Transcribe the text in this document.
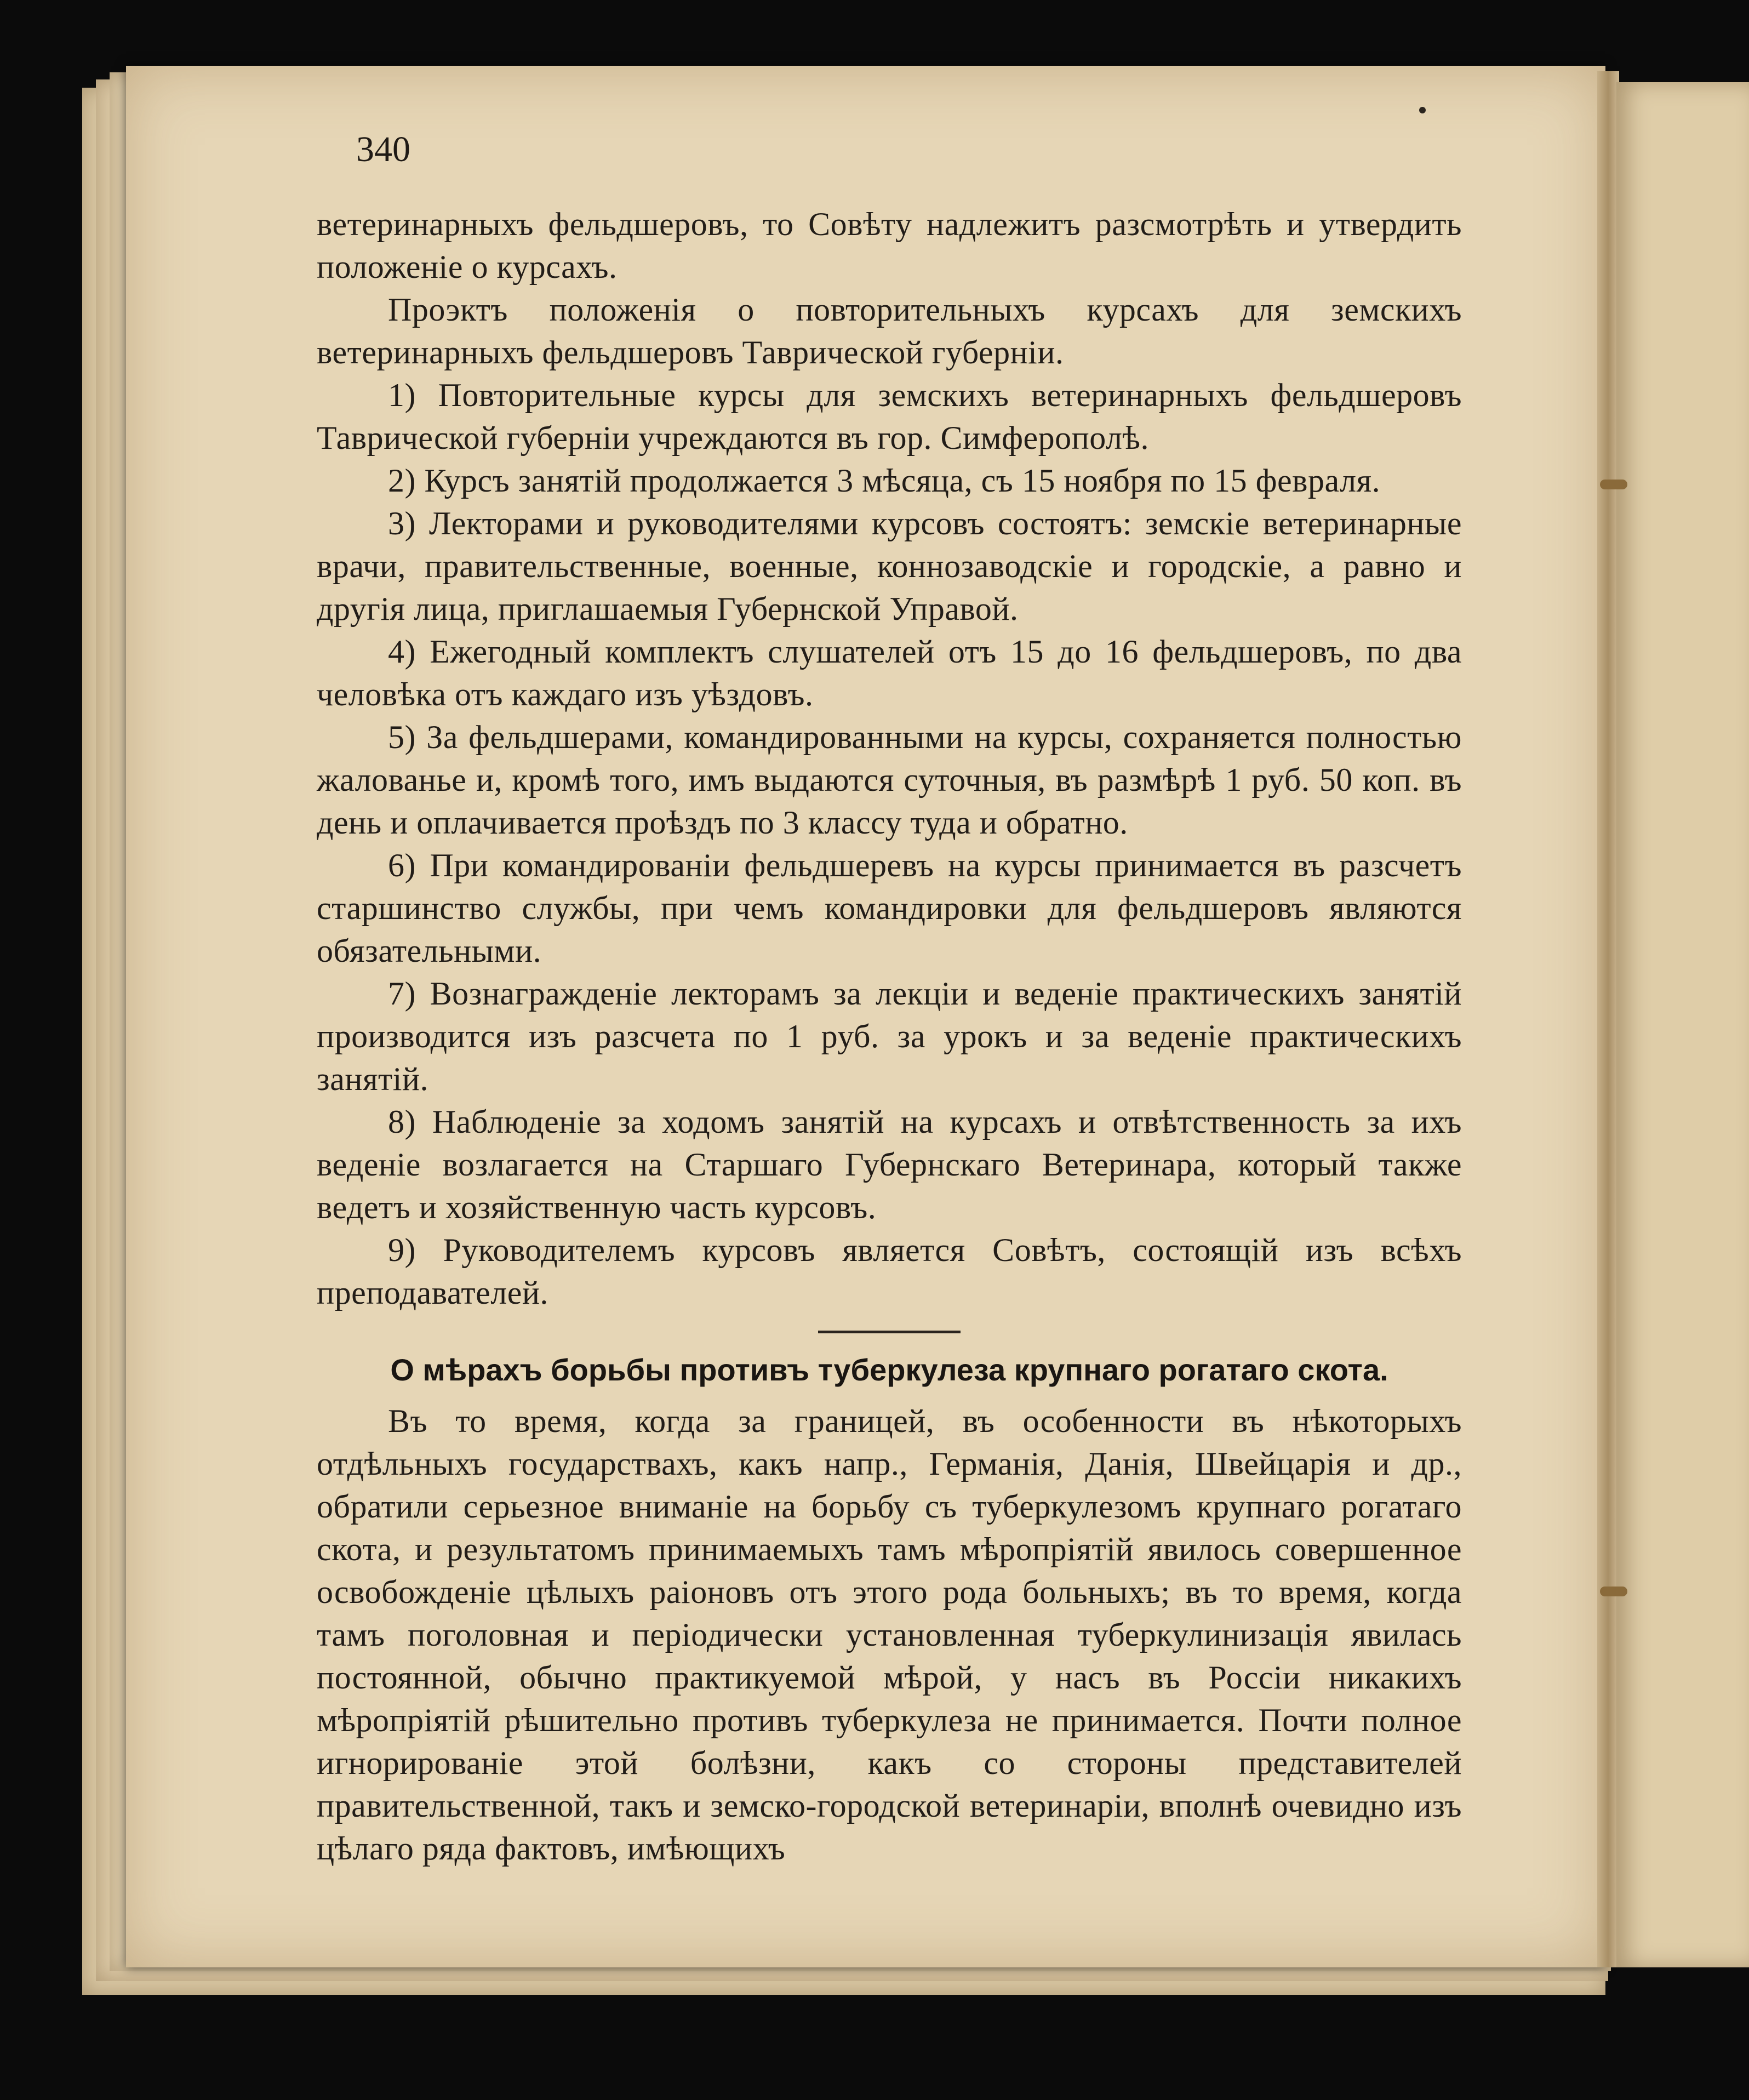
340

ветеринарныхъ фельдшеровъ, то Совѣту надлежитъ разсмотрѣть и утвердить положеніе о курсахъ.

Проэктъ положенія о повторительныхъ курсахъ для земскихъ ветеринарныхъ фельдшеровъ Таврической губерніи.

1) Повторительные курсы для земскихъ ветеринарныхъ фельдшеровъ Таврической губерніи учреждаются въ гор. Симферополѣ.

2) Курсъ занятій продолжается 3 мѣсяца, съ 15 ноября по 15 февраля.

3) Лекторами и руководителями курсовъ состоятъ: земскіе ветеринарные врачи, правительственные, военные, коннозаводскіе и городскіе, а равно и другія лица, приглашаемыя Губернской Управой.

4) Ежегодный комплектъ слушателей отъ 15 до 16 фельдшеровъ, по два человѣка отъ каждаго изъ уѣздовъ.

5) За фельдшерами, командированными на курсы, сохраняется полностью жалованье и, кромѣ того, имъ выдаются суточныя, въ размѣрѣ 1 руб. 50 коп. въ день и оплачивается проѣздъ по 3 классу туда и обратно.

6) При командированіи фельдшеревъ на курсы принимается въ разсчетъ старшинство службы, при чемъ командировки для фельдшеровъ являются обязательными.

7) Вознагражденіе лекторамъ за лекціи и веденіе практическихъ занятій производится изъ разсчета по 1 руб. за урокъ и за веденіе практическихъ занятій.

8) Наблюденіе за ходомъ занятій на курсахъ и отвѣтственность за ихъ веденіе возлагается на Старшаго Губернскаго Ветеринара, который также ведетъ и хозяйственную часть курсовъ.

9) Руководителемъ курсовъ является Совѣтъ, состоящій изъ всѣхъ преподавателей.

О мѣрахъ борьбы противъ туберкулеза крупнаго рогатаго скота.

Въ то время, когда за границей, въ особенности въ нѣкоторыхъ отдѣльныхъ государствахъ, какъ напр., Германія, Данія, Швейцарія и др., обратили серьезное вниманіе на борьбу съ туберкулезомъ крупнаго рогатаго скота, и результатомъ принимаемыхъ тамъ мѣропріятій явилось совершенное освобожденіе цѣлыхъ раіоновъ отъ этого рода больныхъ; въ то время, когда тамъ поголовная и періодически установленная туберкулинизація явилась постоянной, обычно практикуемой мѣрой, у насъ въ Россіи никакихъ мѣропріятій рѣшительно противъ туберкулеза не принимается. Почти полное игнорированіе этой болѣзни, какъ со стороны представителей правительственной, такъ и земско-городской ветеринаріи, вполнѣ очевидно изъ цѣлаго ряда фактовъ, имѣющихъ
